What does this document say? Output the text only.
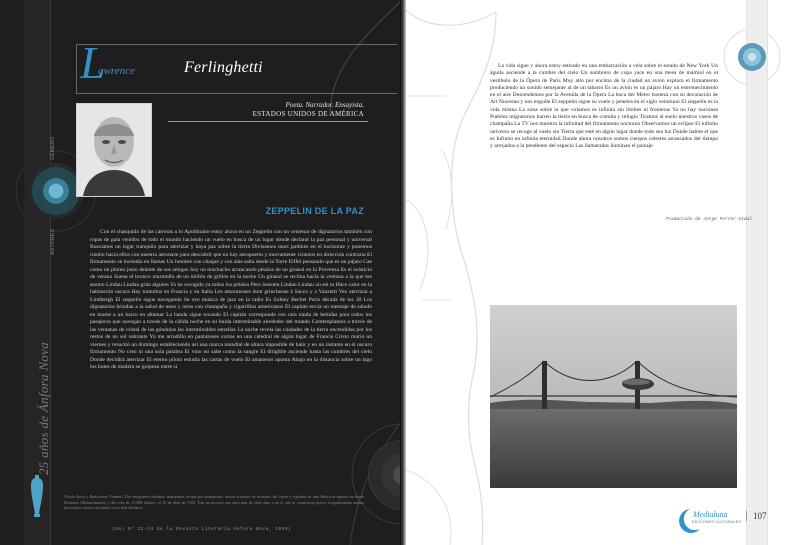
GÉNERO
AUTORES
25 años de Ánfora Nova
L
awrence	Ferlinghetti
Poeta. Narrador. Ensayista.
ESTADOS UNIDOS DE AMÉRICA
ZEPPELIN DE LA PAZ

Con el chasquido de las carreras a lo Apollinaire estoy ahora en un Zeppelín con un centenar de dignatarios también con ropas de gala venidos de todo el mundo haciendo un vuelo en busca de un lugar donde declarar la paz personal y universal Buscamos un lugar tranquilo para aterrizar y haya paz sobre la tierra Divisamos unos jardines en el horizonte y ponemos rumbo hacia ellos con nuestra aeronave para descubrir que no hay aeropuerto y nuevamente viramos en dirección contraria El firmamento se incendia en llamas Un hombre con chaqué y con alas salta desde la Torre Eiffel pensando que es un pájaro Cae como un plomo justo delante de sus amigos Soy un muchacho arrancando pétalos de un girasol en la Provenza Es el solsticio de verano Suena el bronco murmullo de un millón de grillos en la noche Un girasol se reclina hacia la ventana a la que me asomo Lindau Lindau grita alguien Yo he recogido ya todos los pétalos Pero insisten Lindau Lindau où est tu Hace calor en la habitación oscura Hay tumultos en Francia y en Italia Les amoureuses dont grincheuse à Sacco y a Vanzetti Veo aterrizar a Lindbergh El zeppelín sigue navegando Se oye música de jazz en la radio Es Sidney Bechet París década de los 30 Los dignatarios brindan a la salud de unos y otros con champaña y cigarrillos americanos El capitán envía un mensaje de saludo en morse a un barco en altamar La banda sigue tocando El capitán corresponde con otra tanda de bebidas para todos los pasajeros que navegan a través de la cálida noche en su huida interminable alrededor del mundo Contemplamos a través de las ventanas de cristal de las góndolas las interminables estrellas La noche revela las ciudades de la tierra encendidas por los restos de un sol sobrante Yo me arrodillo en pantalones cortos en una catedral de algún lugar de Francia Cristo murió un viernes y resucitó un domingo estableciendo así una marca mundial de altura imposible de batir y en un instante en el oscuro firmamento No creo ni una sola palabra El vino no sabe como la sangre El dirigible asciende hasta las cumbres del cielo Donde decidirá aterrizar El eterno piloto estudia las cartas de vuelo El amanecer apunta Abajo en la distancia sobre un lago los botes de madera se golpean entre sí

Nicola Sacco y Bartolomeo Vanzetti. Dos emigrantes italianos, anarquistas ácratas por anarquistas, fueron acusados de asesinato del cajero y vigilante de una fábrica de zapatos en South Braintree (Massachusetts) y del robo de 15.000 dólares, el 15 de abril de 1920. Tras un proceso que duró más de siete años y en el que se cometieron graves irregularidades ambos procesados fueron ejecutados en la silla eléctrica.
(De) Nº 22-24 de la Revista Literaria Ánfora Nova, 1995)

La vida sigue y ahora estoy estirado en una embarcación a vela sobre el estado de New York Un águila asciende a la cumbre del cielo Un sombrero de copa yace en una mesa de mármol en el vestíbulo de la Ópera de París Muy alto por encima de la ciudad un avión explora el firmamento produciendo un sonido semejante al de un tabarro Es un avión es un pájaro Hay un estremecimiento en el aire Descendemos por la Avenida de la Ópera La boca del Metro bosteza con su decoración de Art Nouveau y nos engulle El zeppelín sigue su vuelo y penetra en el siglo veintiuno El zeppelín es la vida misma La zona sobre la que volamos es infinita sin límites ni fronteras Ya no hay naciones Pueblos migratorios barren la tierra en busca de comida y refugio Tiramos al suelo nuestros vasos de champaña La TV nos muestra la infinitud del firmamento nocturno Observamos un eclipse El infinito universo se recoge al vuelo sin Tierra que esté en algún lugar donde todo sea luz Donde habite el que es Infinito en infinita eternidad Donde ahora nosotros somos cuerpos celestes arrancados del tiempo y arrojados a la pendiente del espacio Las llamaradas iluminan el paisaje

Traducción de Jorge Ferrer-Vidal
Medialuna
EDICIONES CULTURALES
107
